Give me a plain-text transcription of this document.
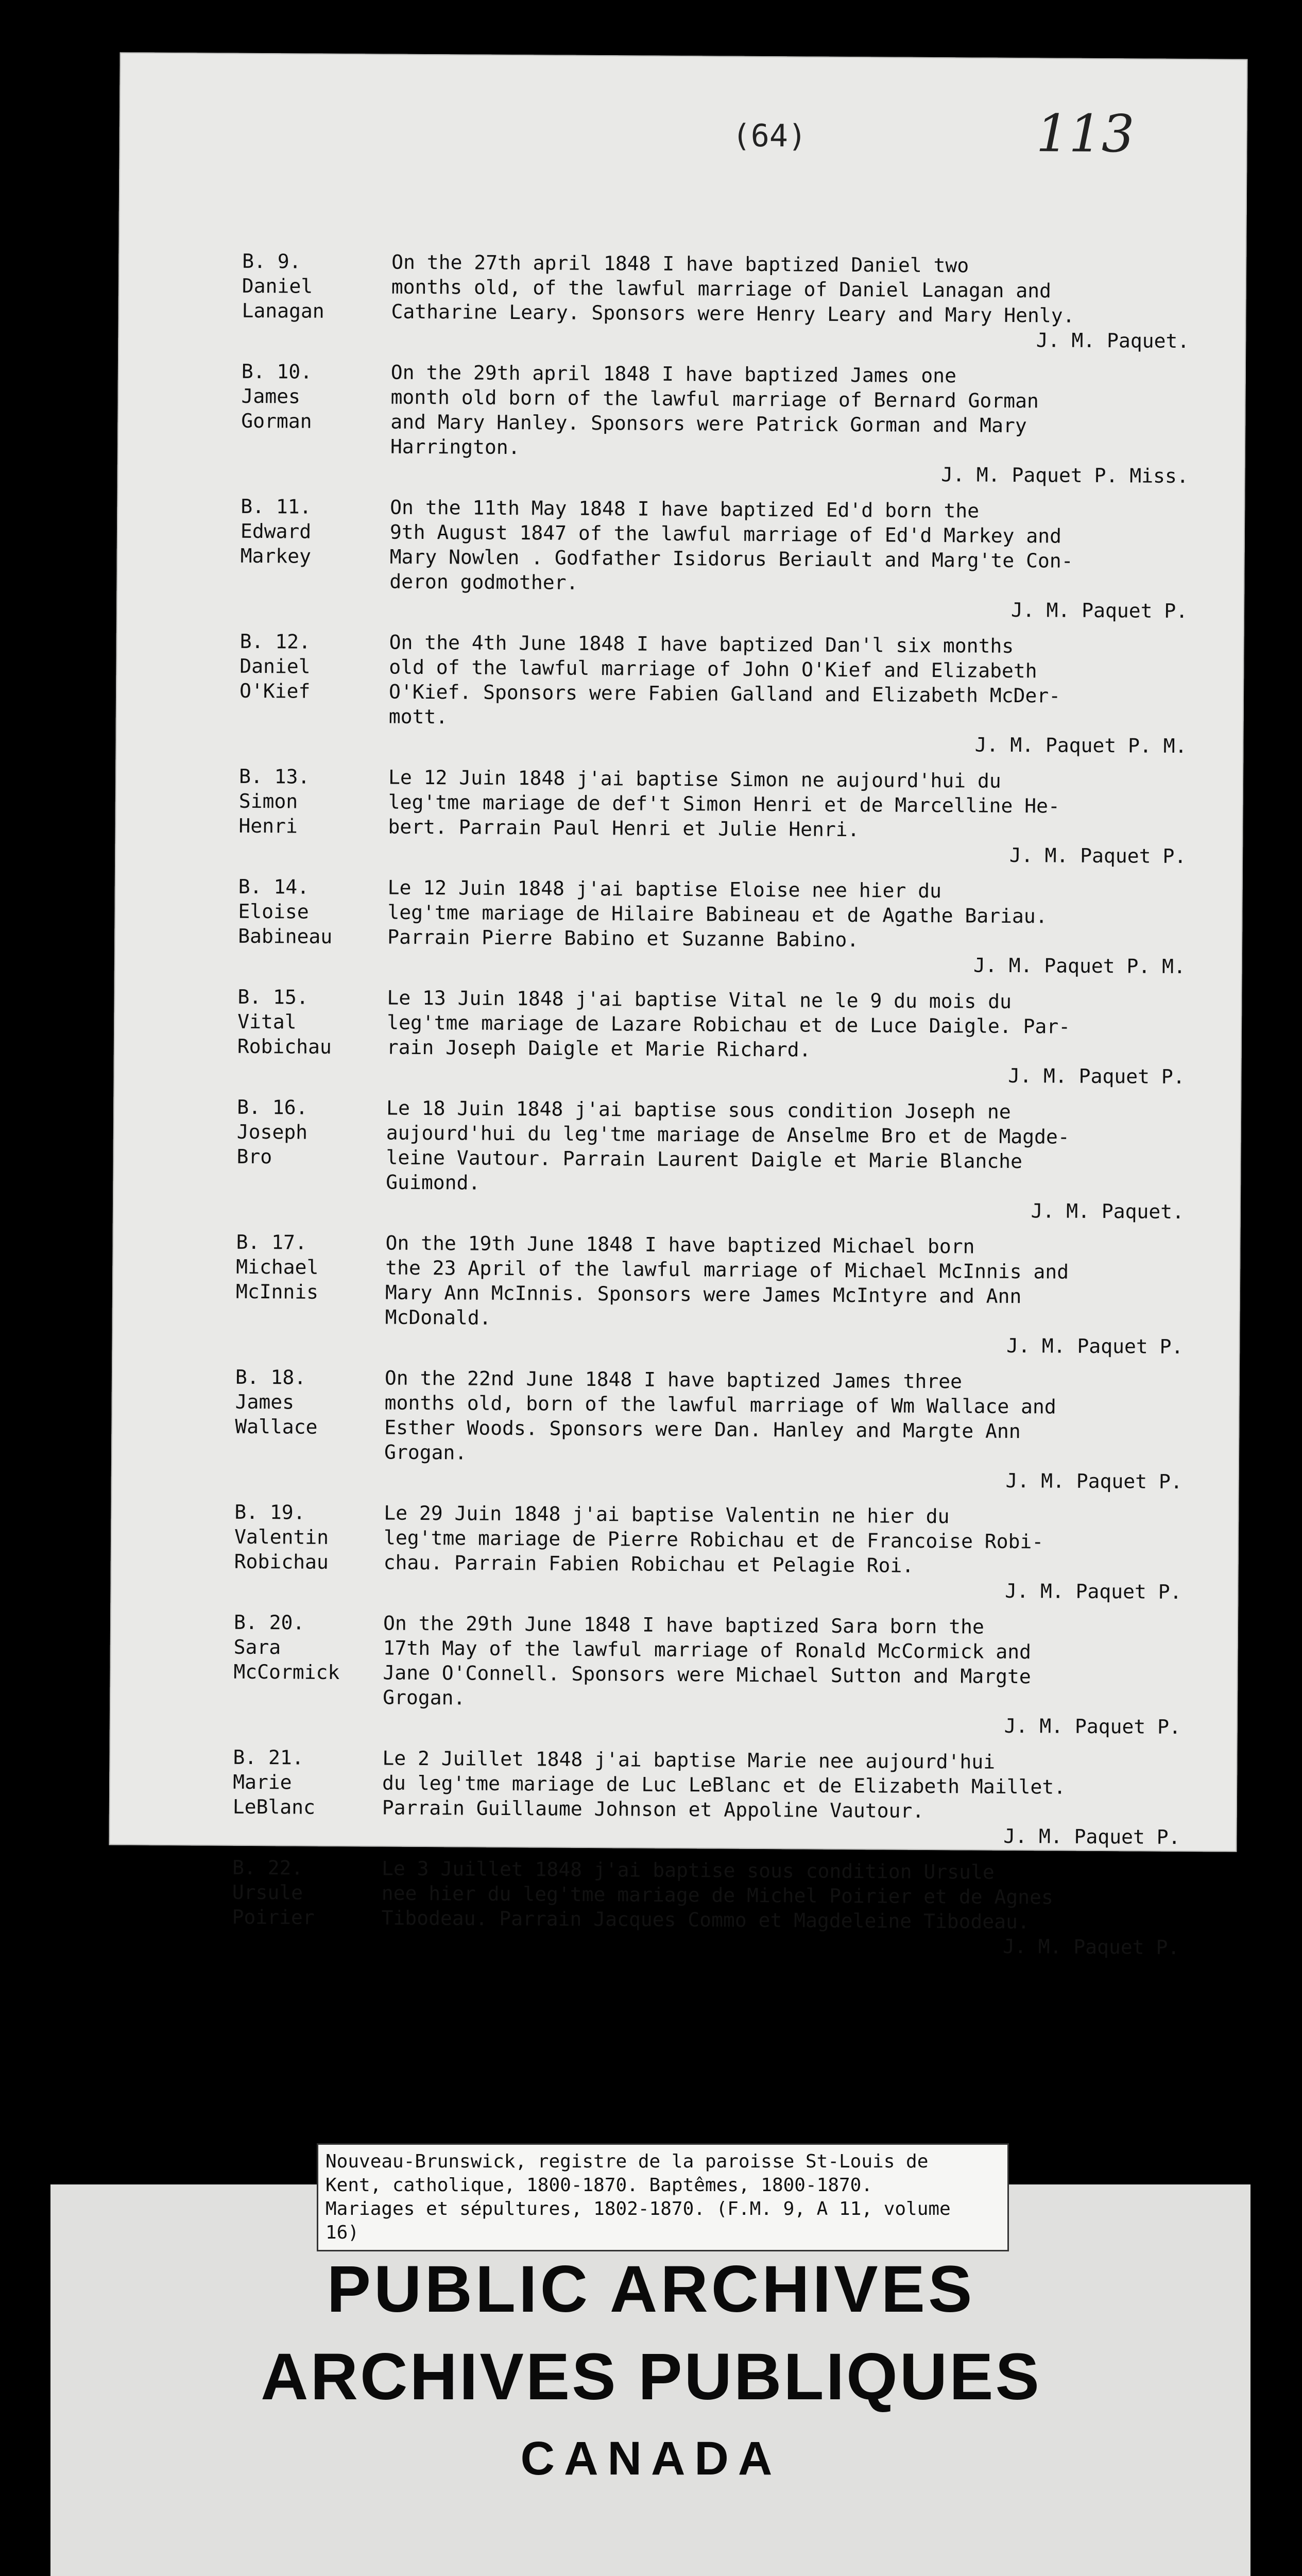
(64)	113
B. 9.
Daniel
Lanagan
On the 27th april 1848 I have baptized Daniel two
months old, of the lawful marriage of Daniel Lanagan and
Catharine Leary. Sponsors were Henry Leary and Mary Henly.
J. M. Paquet.
B. 10.
James
Gorman
On the 29th april 1848 I have baptized James one
month old born of the lawful marriage of Bernard Gorman
and Mary Hanley. Sponsors were Patrick Gorman and Mary
Harrington.
J. M. Paquet P. Miss.
B. 11.
Edward
Markey
On the 11th May 1848 I have baptized Ed'd born the
9th August 1847 of the lawful marriage of Ed'd Markey and
Mary Nowlen . Godfather Isidorus Beriault and Marg'te Con-
deron godmother.
J. M. Paquet P.
B. 12.
Daniel
O'Kief
On the 4th June 1848 I have baptized Dan'l six months
old of the lawful marriage of John O'Kief and Elizabeth
O'Kief. Sponsors were Fabien Galland and Elizabeth McDer-
mott.
J. M. Paquet P. M.
B. 13.
Simon
Henri
Le 12 Juin 1848 j'ai baptise Simon ne aujourd'hui du
leg'tme mariage de def't Simon Henri et de Marcelline He-
bert. Parrain Paul Henri et Julie Henri.
J. M. Paquet P.
B. 14.
Eloise
Babineau
Le 12 Juin 1848 j'ai baptise Eloise nee hier du
leg'tme mariage de Hilaire Babineau et de Agathe Bariau.
Parrain Pierre Babino et Suzanne Babino.
J. M. Paquet P. M.
B. 15.
Vital
Robichau
Le 13 Juin 1848 j'ai baptise Vital ne le 9 du mois du
leg'tme mariage de Lazare Robichau et de Luce Daigle. Par-
rain Joseph Daigle et Marie Richard.
J. M. Paquet P.
B. 16.
Joseph
Bro
Le 18 Juin 1848 j'ai baptise sous condition Joseph ne
aujourd'hui du leg'tme mariage de Anselme Bro et de Magde-
leine Vautour. Parrain Laurent Daigle et Marie Blanche
Guimond.
J. M. Paquet.
B. 17.
Michael
McInnis
On the 19th June 1848 I have baptized Michael born
the 23 April of the lawful marriage of Michael McInnis and
Mary Ann McInnis. Sponsors were James McIntyre and Ann
McDonald.
J. M. Paquet P.
B. 18.
James
Wallace
On the 22nd June 1848 I have baptized James three
months old, born of the lawful marriage of Wm Wallace and
Esther Woods. Sponsors were Dan. Hanley and Margte Ann
Grogan.
J. M. Paquet P.
B. 19.
Valentin
Robichau
Le 29 Juin 1848 j'ai baptise Valentin ne hier du
leg'tme mariage de Pierre Robichau et de Francoise Robi-
chau. Parrain Fabien Robichau et Pelagie Roi.
J. M. Paquet P.
B. 20.
Sara
McCormick
On the 29th June 1848 I have baptized Sara born the
17th May of the lawful marriage of Ronald McCormick and
Jane O'Connell. Sponsors were Michael Sutton and Margte
Grogan.
J. M. Paquet P.
B. 21.
Marie
LeBlanc
Le 2 Juillet 1848 j'ai baptise Marie nee aujourd'hui
du leg'tme mariage de Luc LeBlanc et de Elizabeth Maillet.
Parrain Guillaume Johnson et Appoline Vautour.
J. M. Paquet P.
B. 22.
Ursule
Poirier
Le 3 Juillet 1848 j'ai baptise sous condition Ursule
nee hier du leg'tme mariage de Michel Poirier et de Agnes
Tibodeau. Parrain Jacques Commo et Magdeleine Tibodeau.
J. M. Paquet P.
Nouveau-Brunswick, registre de la paroisse St-Louis de
Kent, catholique, 1800-1870. Baptêmes, 1800-1870.
Mariages et sépultures, 1802-1870. (F.M. 9, A 11, volume
16)
PUBLIC ARCHIVES
ARCHIVES PUBLIQUES
CANADA
